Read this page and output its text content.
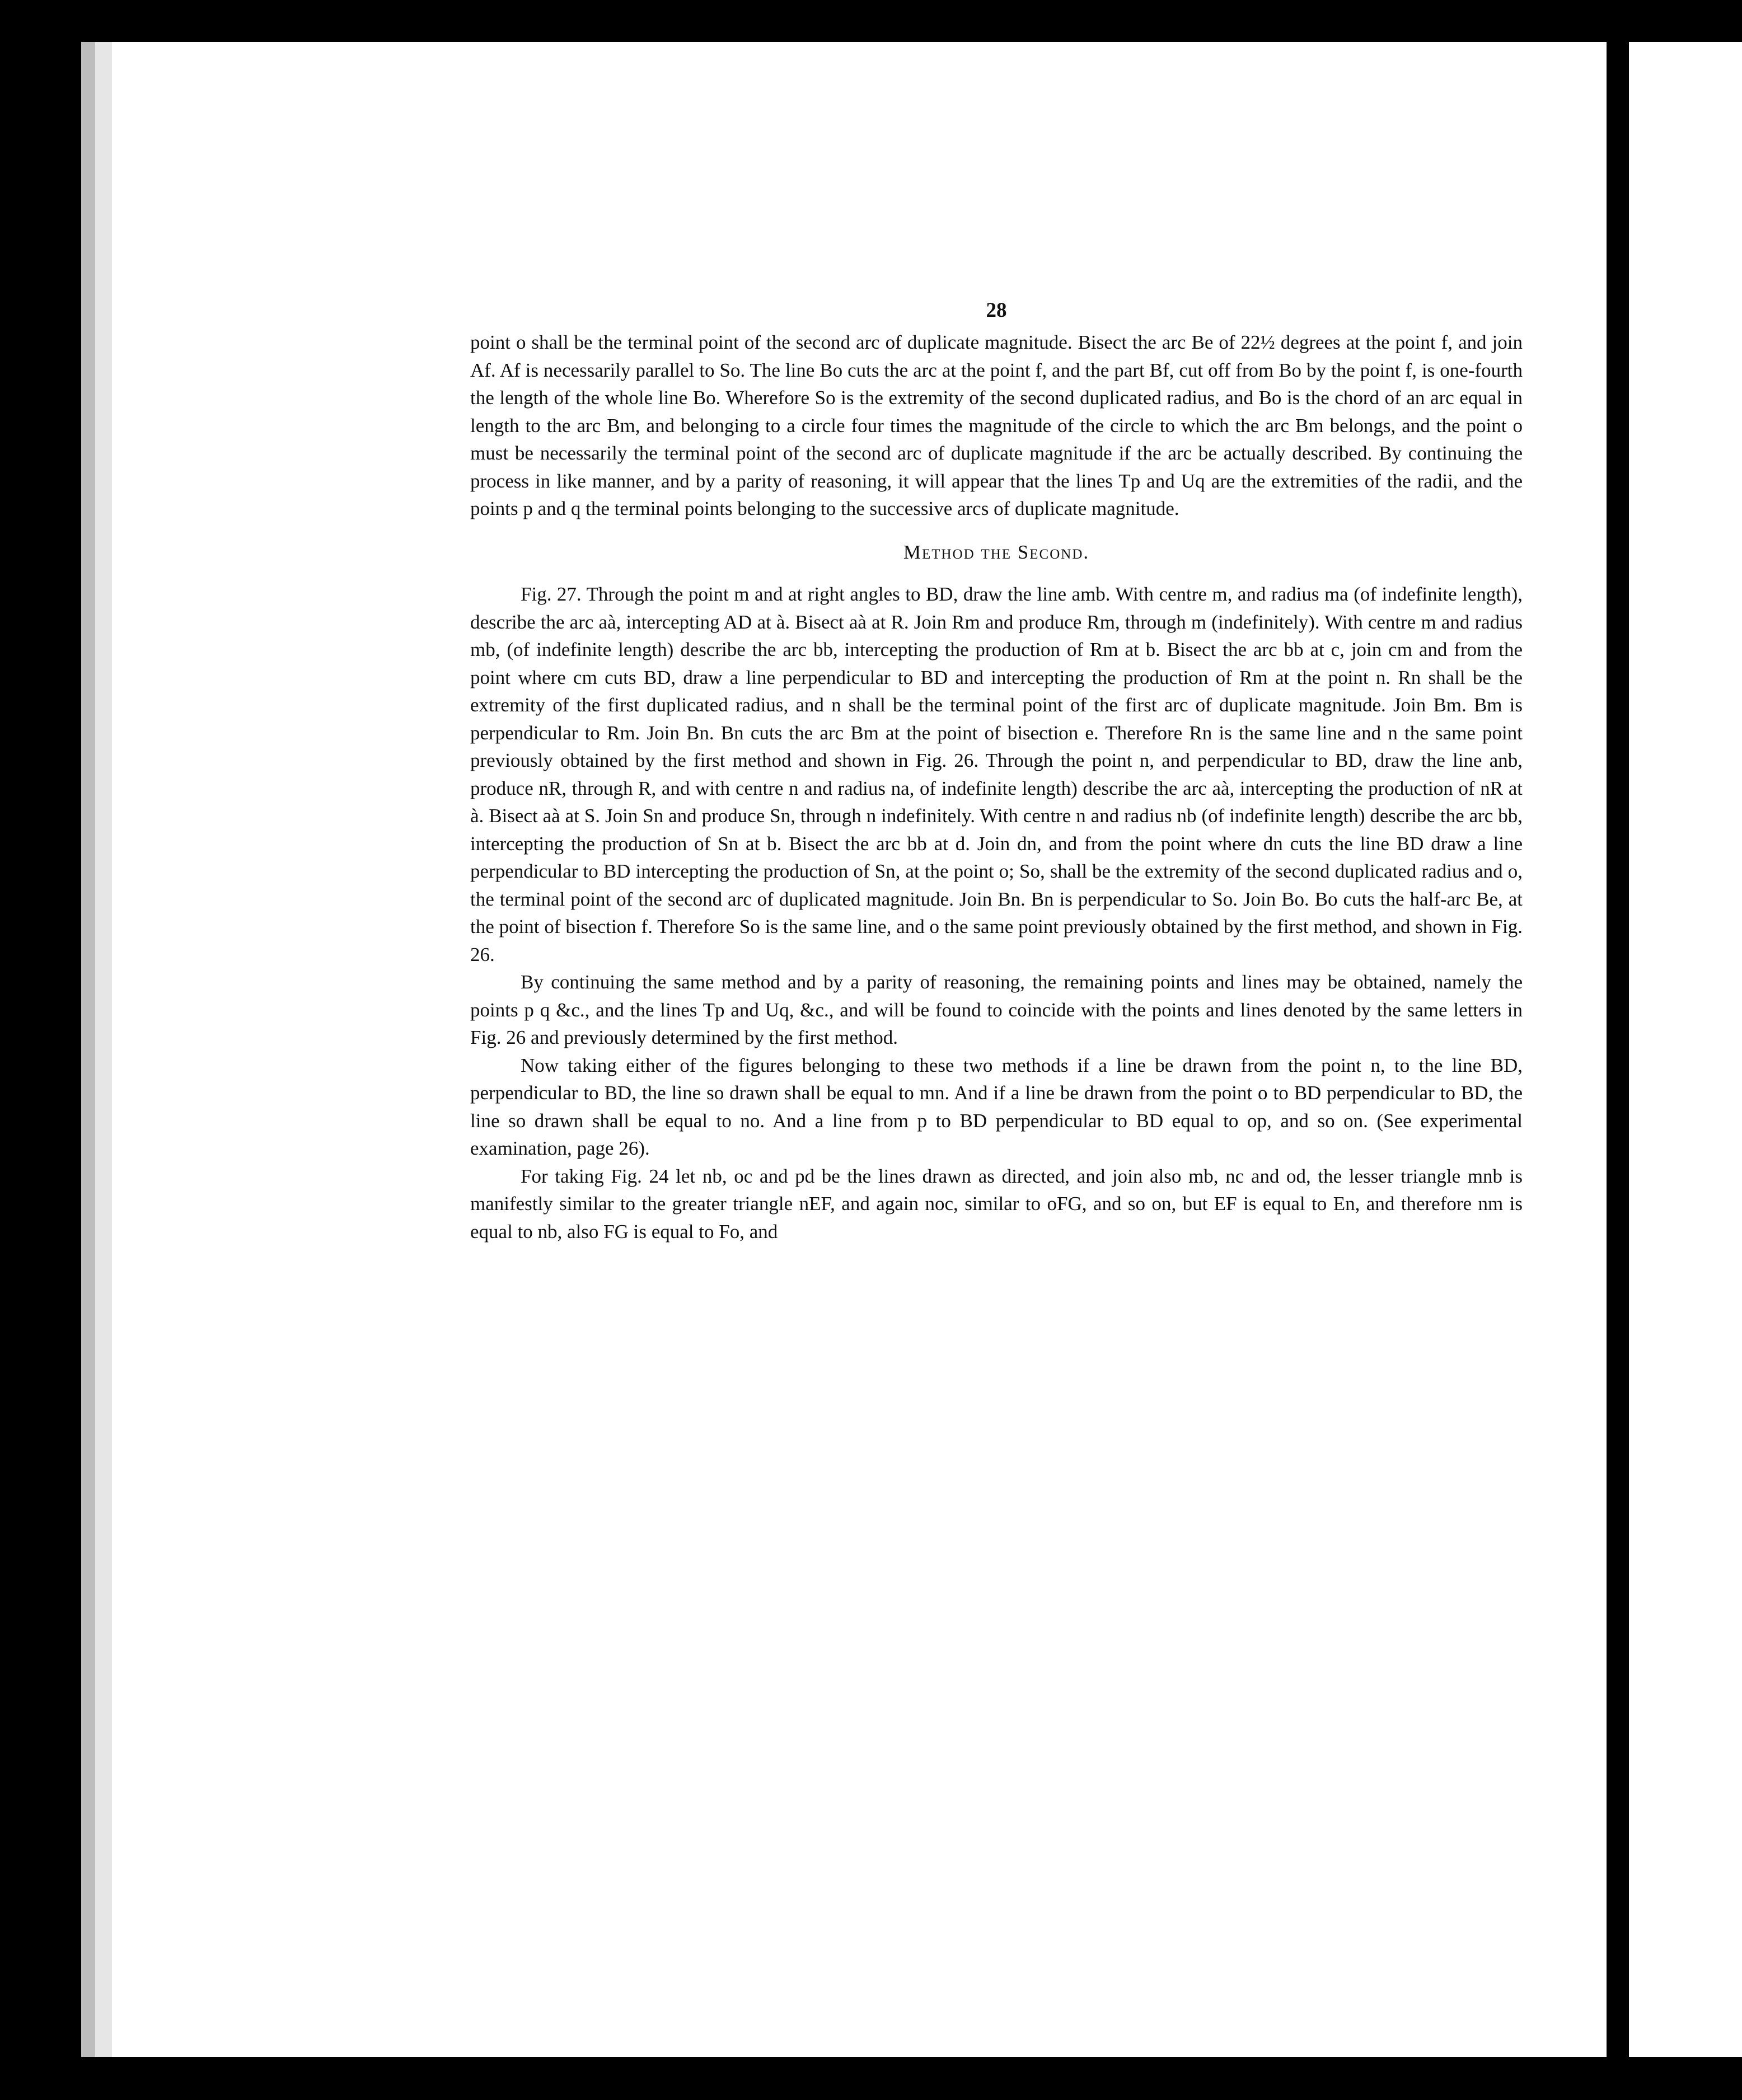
28

point o shall be the terminal point of the second arc of duplicate magnitude. Bisect the arc Be of 22½ degrees at the point f, and join Af. Af is necessarily parallel to So. The line Bo cuts the arc at the point f, and the part Bf, cut off from Bo by the point f, is one-fourth the length of the whole line Bo. Wherefore So is the extremity of the second duplicated radius, and Bo is the chord of an arc equal in length to the arc Bm, and belonging to a circle four times the magnitude of the circle to which the arc Bm belongs, and the point o must be necessarily the terminal point of the second arc of duplicate magnitude if the arc be actually described. By continuing the process in like manner, and by a parity of reasoning, it will appear that the lines Tp and Uq are the extremities of the radii, and the points p and q the terminal points belonging to the successive arcs of duplicate magnitude.

Method the Second.

Fig. 27. Through the point m and at right angles to BD, draw the line amb. With centre m, and radius ma (of indefinite length), describe the arc aà, intercepting AD at à. Bisect aà at R. Join Rm and produce Rm, through m (indefinitely). With centre m and radius mb, (of indefinite length) describe the arc bb, intercepting the production of Rm at b. Bisect the arc bb at c, join cm and from the point where cm cuts BD, draw a line perpendicular to BD and intercepting the production of Rm at the point n. Rn shall be the extremity of the first duplicated radius, and n shall be the terminal point of the first arc of duplicate magnitude. Join Bm. Bm is perpendicular to Rm. Join Bn. Bn cuts the arc Bm at the point of bisection e. Therefore Rn is the same line and n the same point previously obtained by the first method and shown in Fig. 26. Through the point n, and perpendicular to BD, draw the line anb, produce nR, through R, and with centre n and radius na, of indefinite length) describe the arc aà, intercepting the production of nR at à. Bisect aà at S. Join Sn and produce Sn, through n indefinitely. With centre n and radius nb (of indefinite length) describe the arc bb, intercepting the production of Sn at b. Bisect the arc bb at d. Join dn, and from the point where dn cuts the line BD draw a line perpendicular to BD intercepting the production of Sn, at the point o; So, shall be the extremity of the second duplicated radius and o, the terminal point of the second arc of duplicated magnitude. Join Bn. Bn is perpendicular to So. Join Bo. Bo cuts the half-arc Be, at the point of bisection f. Therefore So is the same line, and o the same point previously obtained by the first method, and shown in Fig. 26.

By continuing the same method and by a parity of reasoning, the remaining points and lines may be obtained, namely the points p q &c., and the lines Tp and Uq, &c., and will be found to coincide with the points and lines denoted by the same letters in Fig. 26 and previously determined by the first method.

Now taking either of the figures belonging to these two methods if a line be drawn from the point n, to the line BD, perpendicular to BD, the line so drawn shall be equal to mn. And if a line be drawn from the point o to BD perpendicular to BD, the line so drawn shall be equal to no. And a line from p to BD perpendicular to BD equal to op, and so on. (See experimental examination, page 26).

For taking Fig. 24 let nb, oc and pd be the lines drawn as directed, and join also mb, nc and od, the lesser triangle mnb is manifestly similar to the greater triangle nEF, and again noc, similar to oFG, and so on, but EF is equal to En, and therefore nm is equal to nb, also FG is equal to Fo, and
